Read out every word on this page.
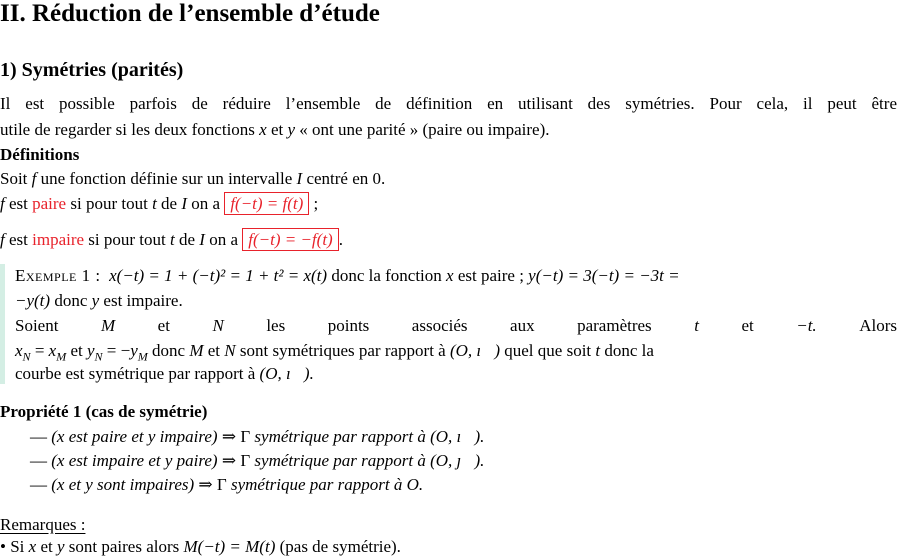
II. Réduction de l’ensemble d’étude
1) Symétries (parités)
Il est possible parfois de réduire l’ensemble de définition en utilisant des symétries. Pour cela, il peut être
utile de regarder si les deux fonctions x et y « ont une parité » (paire ou impaire).
Définitions
Soit f une fonction définie sur un intervalle I centré en 0.
f est paire si pour tout t de I on a f(−t) = f(t) ;
f est impaire si pour tout t de I on a f(−t) = −f(t) .
Exemple 1 : x(−t) = 1 + (−t)² = 1 + t² = x(t) donc la fonction x est paire ; y(−t) = 3(−t) = −3t =
−y(t) donc y est impaire.
Soient	M	et	N	les	points	associés	aux	paramètres	t	et	−t.	Alors
$x_N = x_M$ et $y_N = -y_M$ donc M et N sont symétriques par rapport à (O, ı⃗) quel que soit t donc la
courbe est symétrique par rapport à (O, ı⃗).
Propriété 1 (cas de symétrie)
— (x est paire et y impaire) ⇒ Γ symétrique par rapport à (O, ı⃗).
— (x est impaire et y paire) ⇒ Γ symétrique par rapport à (O, ȷ⃗).
— (x et y sont impaires) ⇒ Γ symétrique par rapport à O.
Remarques :
• Si x et y sont paires alors M(−t) = M(t) (pas de symétrie).
